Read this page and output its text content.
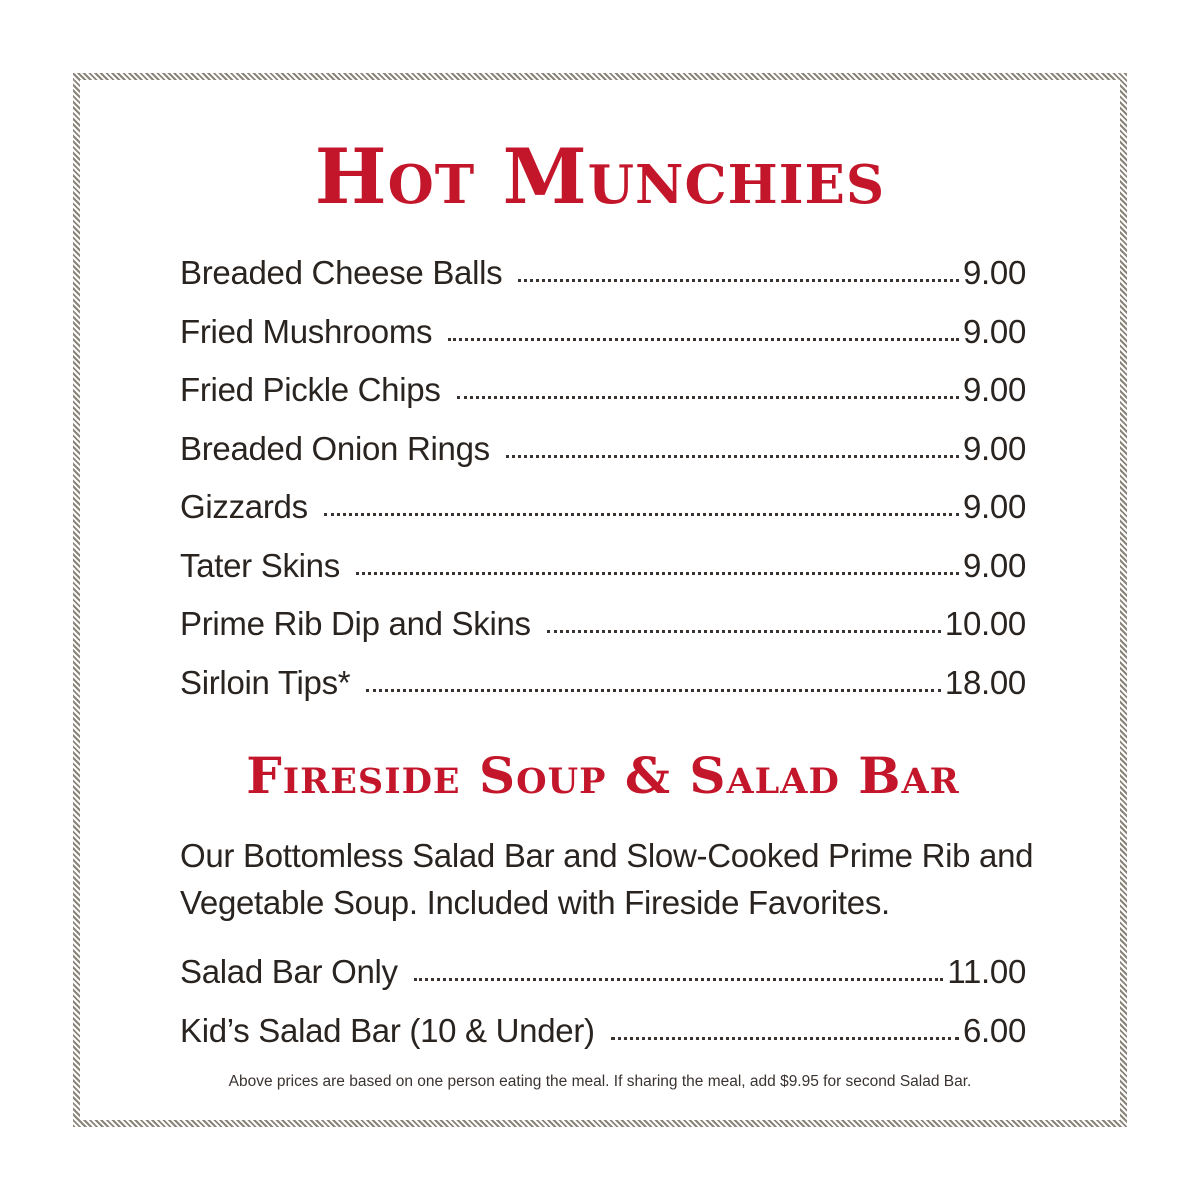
Hot Munchies
Breaded Cheese Balls	9.00
Fried Mushrooms	9.00
Fried Pickle Chips	9.00
Breaded Onion Rings	9.00
Gizzards	9.00
Tater Skins	9.00
Prime Rib Dip and Skins	10.00
Sirloin Tips*	18.00
Fireside Soup & Salad Bar

Our Bottomless Salad Bar and Slow-Cooked Prime Rib and Vegetable Soup. Included with Fireside Favorites.

Salad Bar Only	11.00
Kid’s Salad Bar (10 & Under)	6.00

Above prices are based on one person eating the meal. If sharing the meal, add $9.95 for second Salad Bar.
